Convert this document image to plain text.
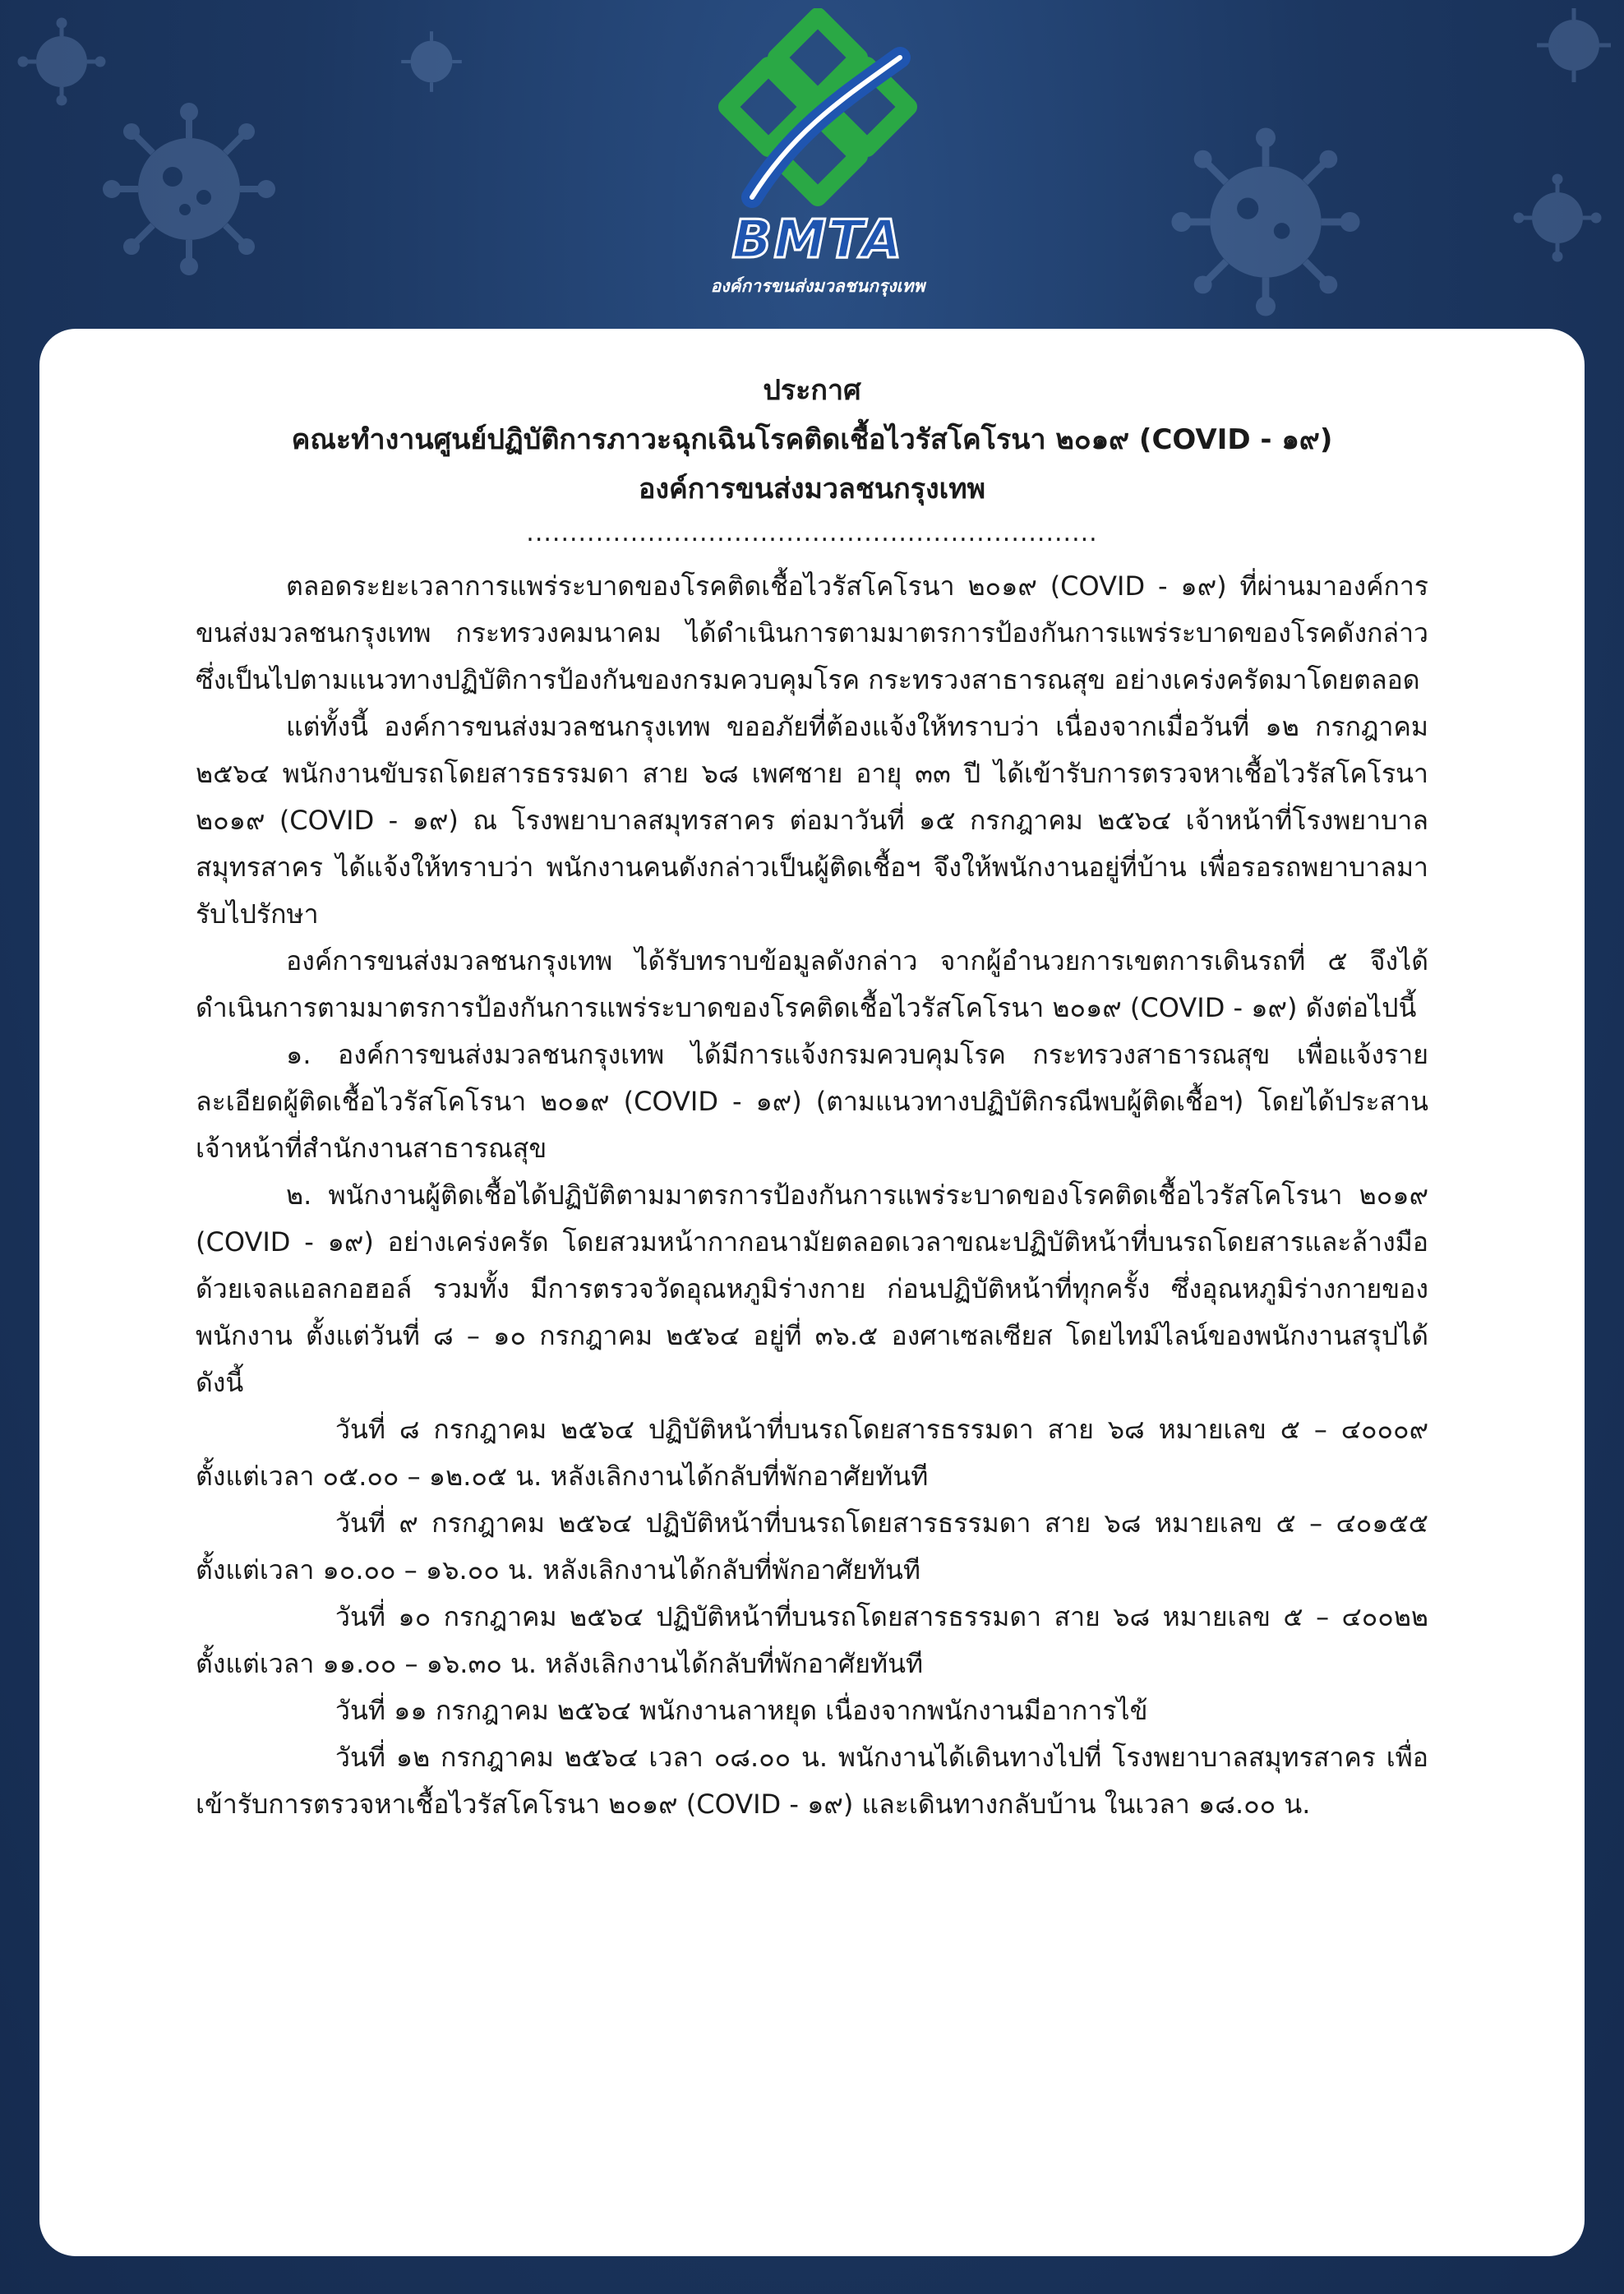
BMTA
องค์การขนส่งมวลชนกรุงเทพ
ประกาศ
คณะทำงานศูนย์ปฏิบัติการภาวะฉุกเฉินโรคติดเชื้อไวรัสโคโรนา ๒๐๑๙ (COVID - ๑๙)
องค์การขนส่งมวลชนกรุงเทพ
..................................................................

ตลอดระยะเวลาการแพร่ระบาดของโรคติดเชื้อไวรัสโคโรนา ๒๐๑๙ (COVID - ๑๙) ที่ผ่านมาองค์การขนส่งมวลชนกรุงเทพ กระทรวงคมนาคม ได้ดำเนินการตามมาตรการป้องกันการแพร่ระบาดของโรคดังกล่าว ซึ่งเป็นไปตามแนวทางปฏิบัติการป้องกันของกรมควบคุมโรค กระทรวงสาธารณสุข อย่างเคร่งครัดมาโดยตลอด

แต่ทั้งนี้ องค์การขนส่งมวลชนกรุงเทพ ขออภัยที่ต้องแจ้งให้ทราบว่า เนื่องจากเมื่อวันที่ ๑๒ กรกฎาคม ๒๕๖๔ พนักงานขับรถโดยสารธรรมดา สาย ๖๘ เพศชาย อายุ ๓๓ ปี ได้เข้ารับการตรวจหาเชื้อไวรัสโคโรนา ๒๐๑๙ (COVID - ๑๙) ณ โรงพยาบาลสมุทรสาคร ต่อมาวันที่ ๑๕ กรกฎาคม ๒๕๖๔ เจ้าหน้าที่โรงพยาบาลสมุทรสาคร ได้แจ้งให้ทราบว่า พนักงานคนดังกล่าวเป็นผู้ติดเชื้อฯ จึงให้พนักงานอยู่ที่บ้าน เพื่อรอรถพยาบาลมารับไปรักษา

องค์การขนส่งมวลชนกรุงเทพ ได้รับทราบข้อมูลดังกล่าว จากผู้อำนวยการเขตการเดินรถที่ ๕ จึงได้ดำเนินการตามมาตรการป้องกันการแพร่ระบาดของโรคติดเชื้อไวรัสโคโรนา ๒๐๑๙ (COVID - ๑๙) ดังต่อไปนี้

๑. องค์การขนส่งมวลชนกรุงเทพ ได้มีการแจ้งกรมควบคุมโรค กระทรวงสาธารณสุข เพื่อแจ้งรายละเอียดผู้ติดเชื้อไวรัสโคโรนา ๒๐๑๙ (COVID - ๑๙) (ตามแนวทางปฏิบัติกรณีพบผู้ติดเชื้อฯ) โดยได้ประสานเจ้าหน้าที่สำนักงานสาธารณสุข

๒. พนักงานผู้ติดเชื้อได้ปฏิบัติตามมาตรการป้องกันการแพร่ระบาดของโรคติดเชื้อไวรัสโคโรนา ๒๐๑๙ (COVID - ๑๙) อย่างเคร่งครัด โดยสวมหน้ากากอนามัยตลอดเวลาขณะปฏิบัติหน้าที่บนรถโดยสารและล้างมือด้วยเจลแอลกอฮอล์ รวมทั้ง มีการตรวจวัดอุณหภูมิร่างกาย ก่อนปฏิบัติหน้าที่ทุกครั้ง ซึ่งอุณหภูมิร่างกายของพนักงาน ตั้งแต่วันที่ ๘ – ๑๐ กรกฎาคม ๒๕๖๔ อยู่ที่ ๓๖.๕ องศาเซลเซียส โดยไทม์ไลน์ของพนักงานสรุปได้ ดังนี้

วันที่ ๘ กรกฎาคม ๒๕๖๔ ปฏิบัติหน้าที่บนรถโดยสารธรรมดา สาย ๖๘ หมายเลข ๕ – ๔๐๐๐๙ ตั้งแต่เวลา ๐๕.๐๐ – ๑๒.๐๕ น. หลังเลิกงานได้กลับที่พักอาศัยทันที

วันที่ ๙ กรกฎาคม ๒๕๖๔ ปฏิบัติหน้าที่บนรถโดยสารธรรมดา สาย ๖๘ หมายเลข ๕ – ๔๐๑๕๕ ตั้งแต่เวลา ๑๐.๐๐ – ๑๖.๐๐ น. หลังเลิกงานได้กลับที่พักอาศัยทันที

วันที่ ๑๐ กรกฎาคม ๒๕๖๔ ปฏิบัติหน้าที่บนรถโดยสารธรรมดา สาย ๖๘ หมายเลข ๕ – ๔๐๐๒๒ ตั้งแต่เวลา ๑๑.๐๐ – ๑๖.๓๐ น. หลังเลิกงานได้กลับที่พักอาศัยทันที

วันที่ ๑๑ กรกฎาคม ๒๕๖๔ พนักงานลาหยุด เนื่องจากพนักงานมีอาการไข้

วันที่ ๑๒ กรกฎาคม ๒๕๖๔ เวลา ๐๘.๐๐ น. พนักงานได้เดินทางไปที่ โรงพยาบาลสมุทรสาคร เพื่อเข้ารับการตรวจหาเชื้อไวรัสโคโรนา ๒๐๑๙ (COVID - ๑๙) และเดินทางกลับบ้าน ในเวลา ๑๘.๐๐ น.
